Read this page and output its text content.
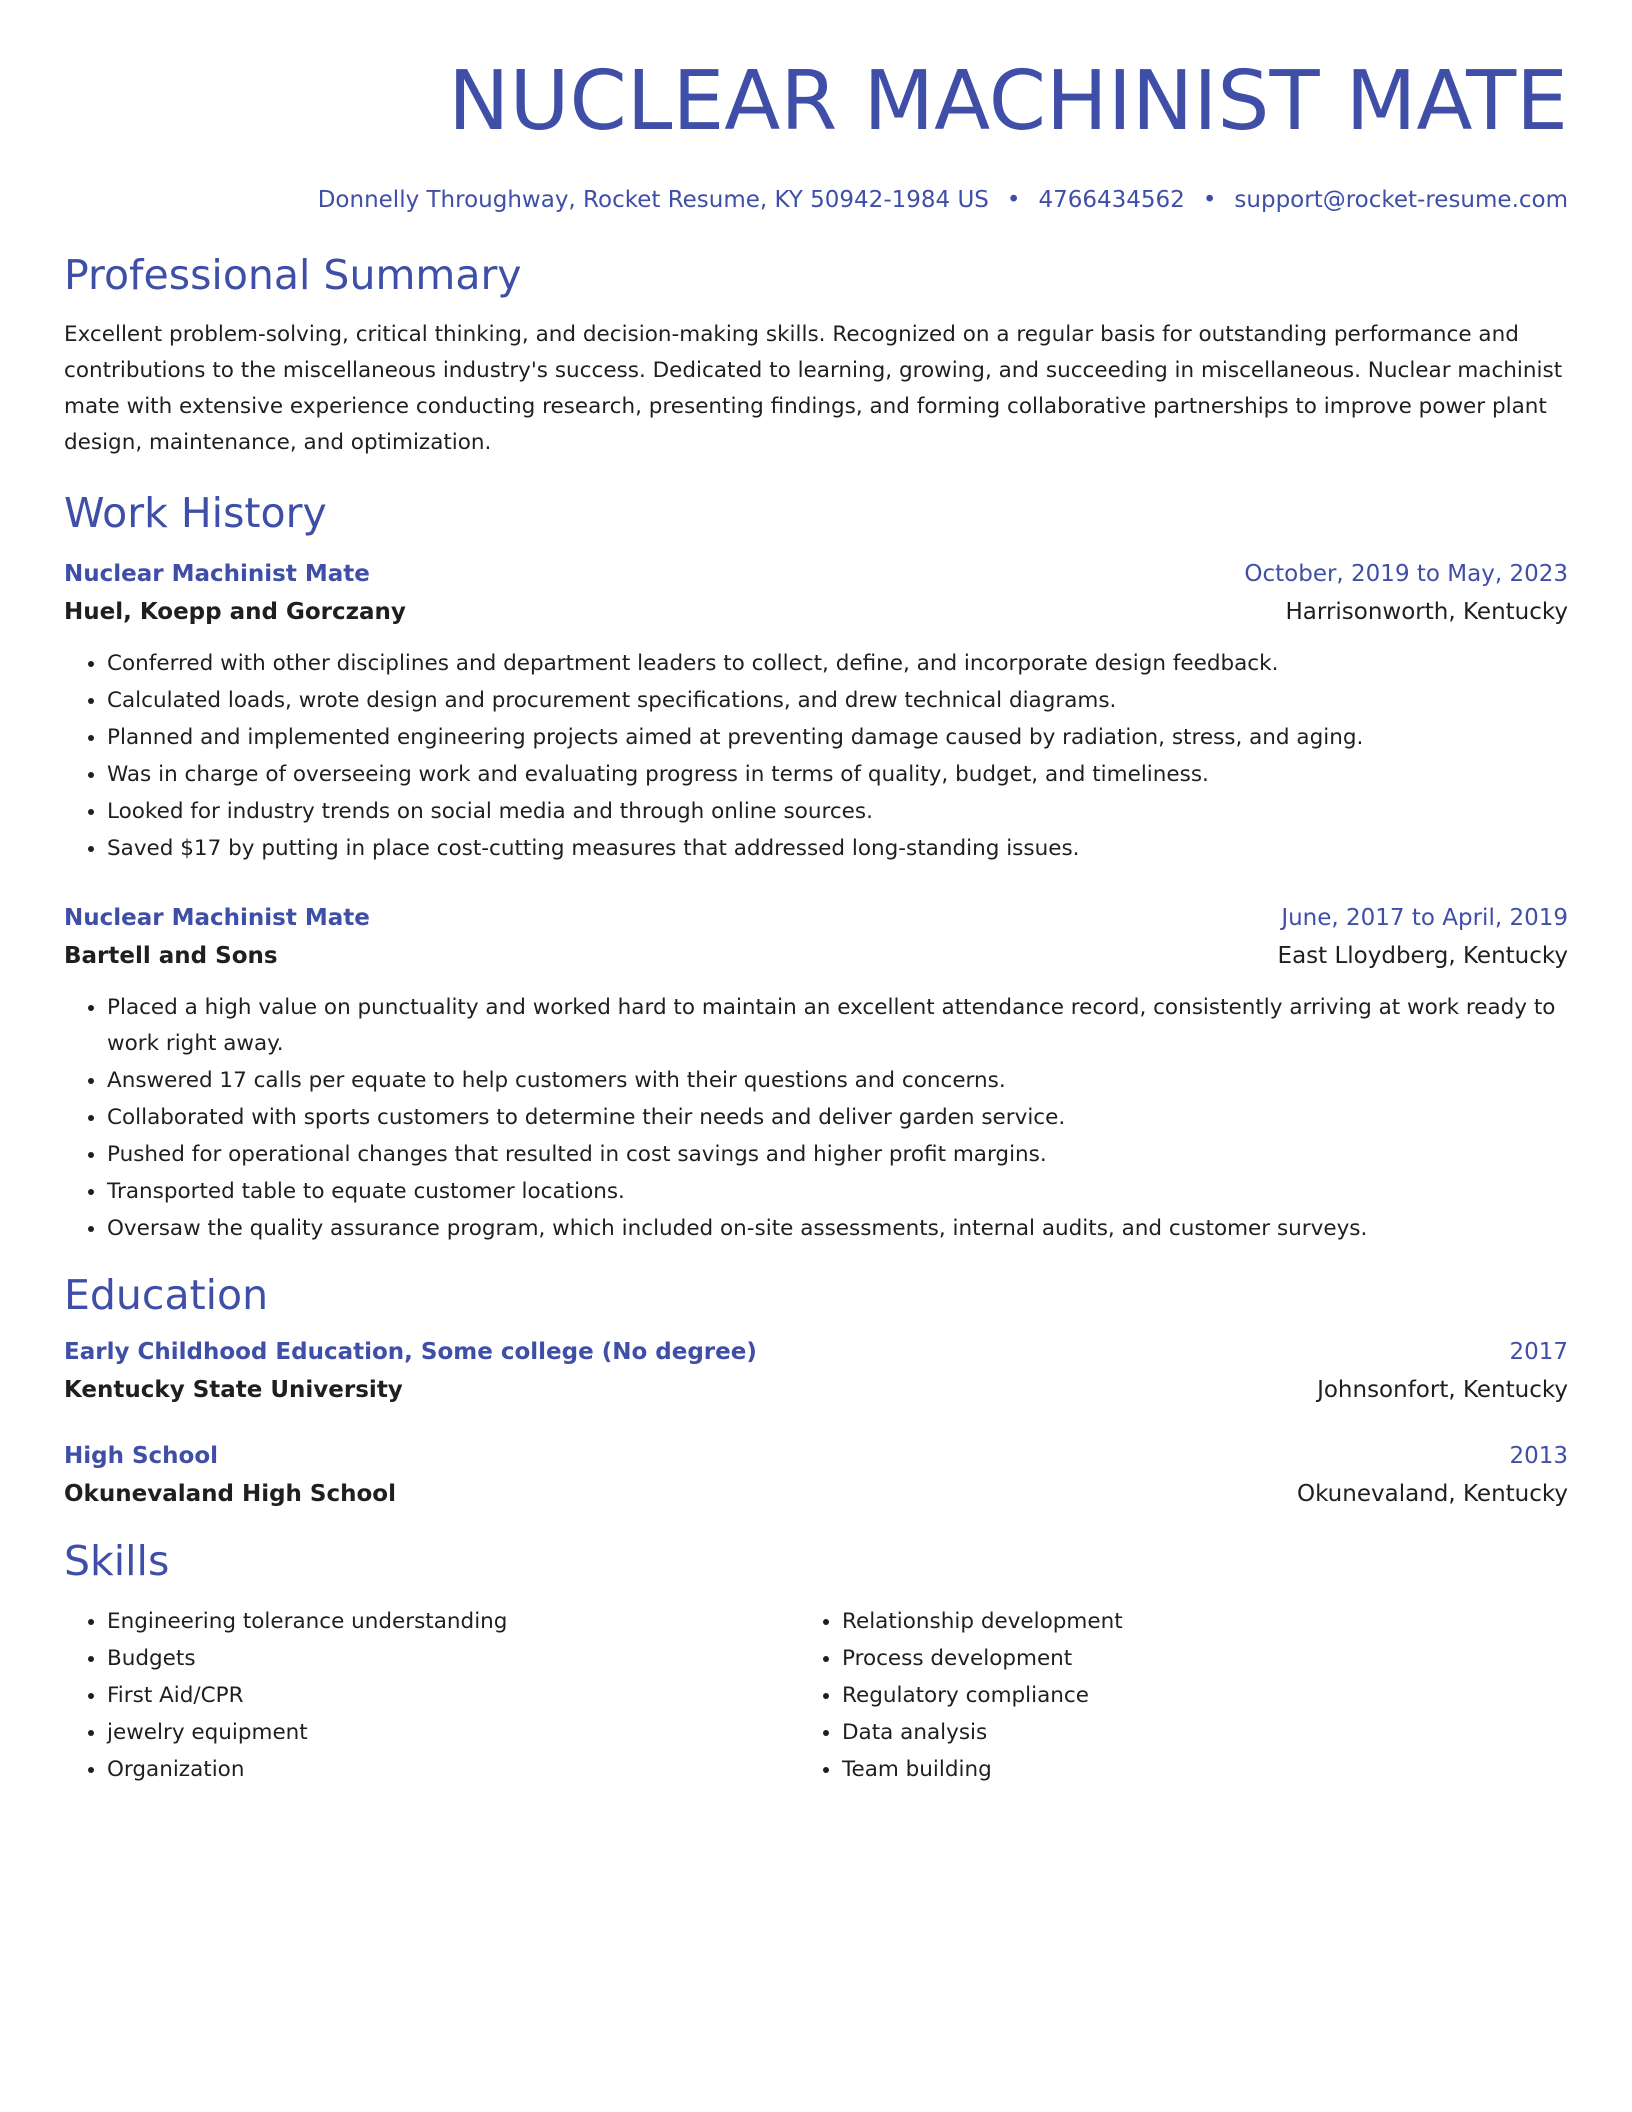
NUCLEAR MACHINIST MATE
Donnelly Throughway, Rocket Resume, KY 50942-1984 US • 4766434562 • support@rocket-resume.com
Professional Summary

Excellent problem-solving, critical thinking, and decision-making skills. Recognized on a regular basis for outstanding performance and contributions to the miscellaneous industry's success. Dedicated to learning, growing, and succeeding in miscellaneous. Nuclear machinist mate with extensive experience conducting research, presenting findings, and forming collaborative partnerships to improve power plant design, maintenance, and optimization.

Work History
Nuclear Machinist Mate	October, 2019 to May, 2023
Huel, Koepp and Gorczany	Harrisonworth, Kentucky
• Conferred with other disciplines and department leaders to collect, define, and incorporate design feedback.
• Calculated loads, wrote design and procurement specifications, and drew technical diagrams.
• Planned and implemented engineering projects aimed at preventing damage caused by radiation, stress, and aging.
• Was in charge of overseeing work and evaluating progress in terms of quality, budget, and timeliness.
• Looked for industry trends on social media and through online sources.
• Saved $17 by putting in place cost-cutting measures that addressed long-standing issues.
Nuclear Machinist Mate	June, 2017 to April, 2019
Bartell and Sons	East Lloydberg, Kentucky
• Placed a high value on punctuality and worked hard to maintain an excellent attendance record, consistently arriving at work ready to work right away.
• Answered 17 calls per equate to help customers with their questions and concerns.
• Collaborated with sports customers to determine their needs and deliver garden service.
• Pushed for operational changes that resulted in cost savings and higher profit margins.
• Transported table to equate customer locations.
• Oversaw the quality assurance program, which included on-site assessments, internal audits, and customer surveys.
Education
Early Childhood Education, Some college (No degree)	2017
Kentucky State University	Johnsonfort, Kentucky
High School	2013
Okunevaland High School	Okunevaland, Kentucky
Skills
• Engineering tolerance understanding
• Budgets
• First Aid/CPR
• jewelry equipment
• Organization
• Relationship development
• Process development
• Regulatory compliance
• Data analysis
• Team building
